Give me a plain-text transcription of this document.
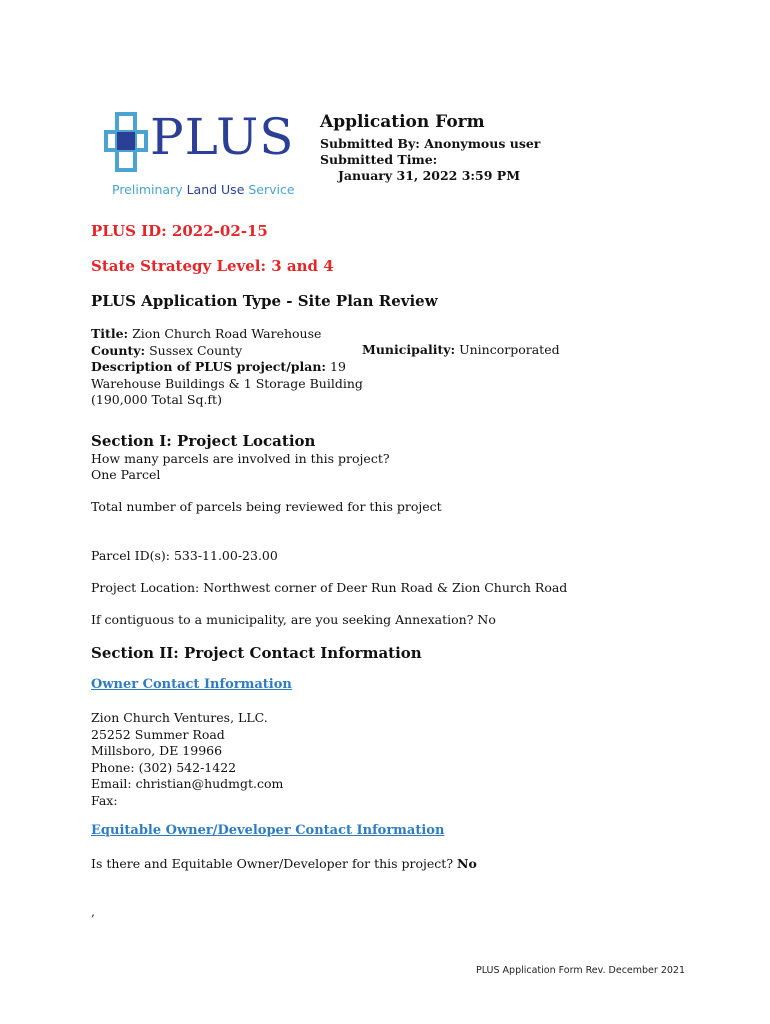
PLUS
Preliminary Land Use Service
Application Form
Submitted By: Anonymous user
Submitted Time:
January 31, 2022 3:59 PM
PLUS ID: 2022-02-15
State Strategy Level: 3 and 4
PLUS Application Type - Site Plan Review
Title: Zion Church Road Warehouse
County: Sussex County
Description of PLUS project/plan: 19
Warehouse Buildings & 1 Storage Building
(190,000 Total Sq.ft)
Municipality: Unincorporated
Section I: Project Location
How many parcels are involved in this project?
One Parcel
Total number of parcels being reviewed for this project
Parcel ID(s): 533-11.00-23.00
Project Location: Northwest corner of Deer Run Road & Zion Church Road
If contiguous to a municipality, are you seeking Annexation? No
Section II: Project Contact Information
Owner Contact Information
Zion Church Ventures, LLC.
25252 Summer Road
Millsboro, DE 19966
Phone: (302) 542-1422
Email: christian@hudmgt.com
Fax:
Equitable Owner/Developer Contact Information
Is there and Equitable Owner/Developer for this project? No
,
PLUS Application Form Rev. December 2021
